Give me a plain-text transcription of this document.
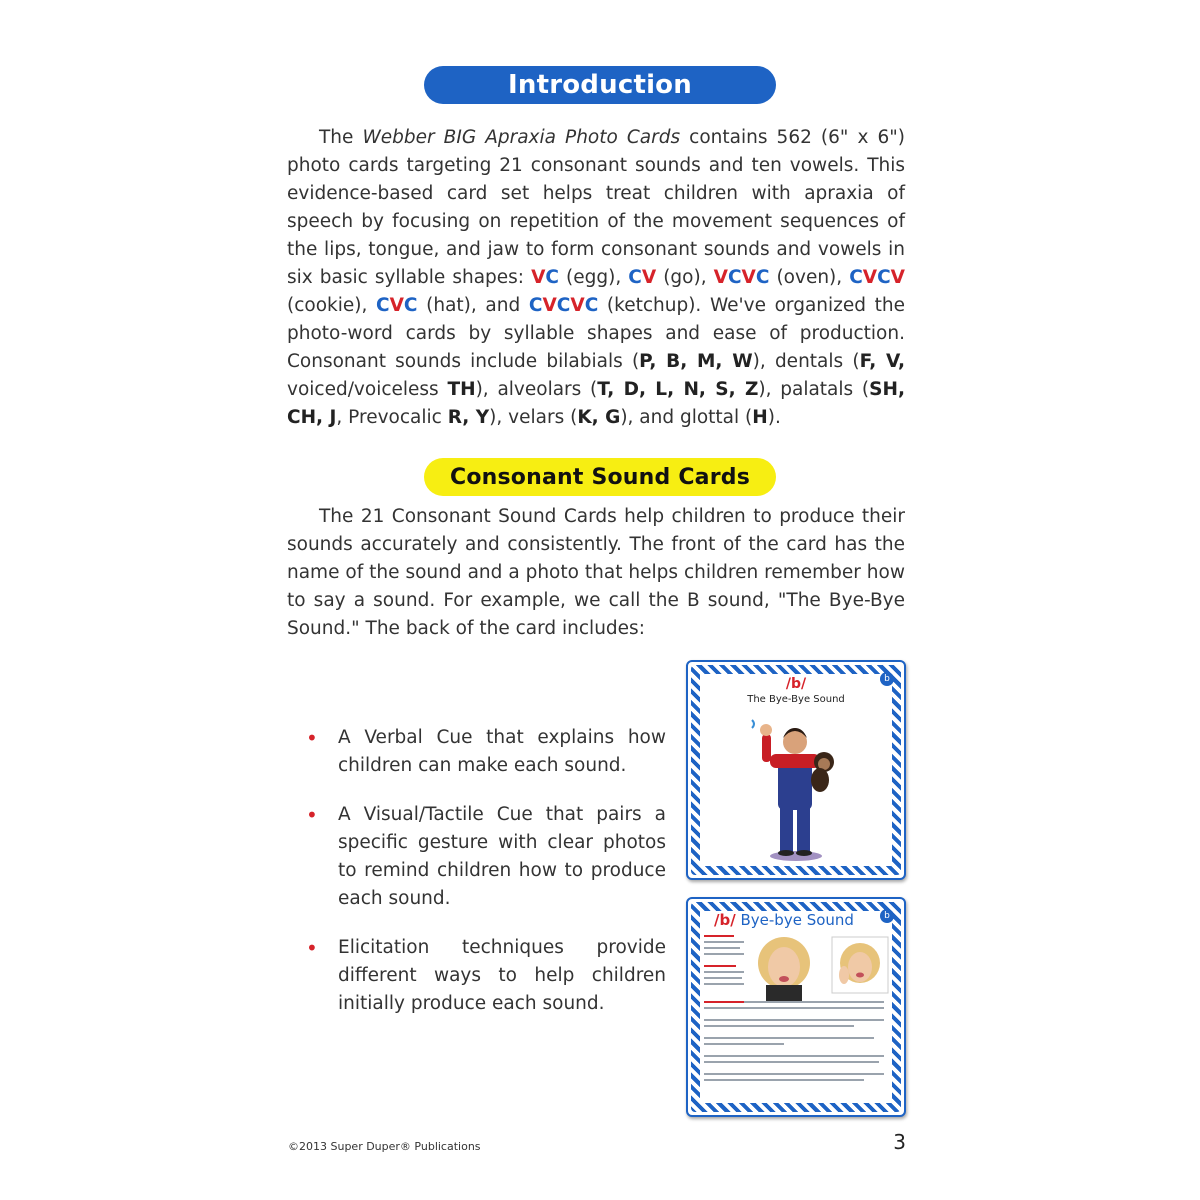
Introduction

The Webber BIG Apraxia Photo Cards contains 562 (6" x 6") photo cards targeting 21 consonant sounds and ten vowels. This evidence-based card set helps treat children with apraxia of speech by focusing on repetition of the movement sequences of the lips, tongue, and jaw to form consonant sounds and vowels in six basic syllable shapes: VC (egg), CV (go), VCVC (oven), CVCV (cookie), CVC (hat), and CVCVC (ketchup). We've organized the photo-word cards by syllable shapes and ease of production. Consonant sounds include bilabials (P, B, M, W), dentals (F, V, voiced/voiceless TH), alveolars (T, D, L, N, S, Z), palatals (SH, CH, J, Prevocalic R, Y), velars (K, G), and glottal (H).

Consonant Sound Cards

The 21 Consonant Sound Cards help children to produce their sounds accurately and consistently. The front of the card has the name of the sound and a photo that helps children remember how to say a sound. For example, we call the B sound, "The Bye-Bye Sound." The back of the card includes:

• A Verbal Cue that explains how children can make each sound.
• A Visual/Tactile Cue that pairs a specific gesture with clear photos to remind children how to produce each sound.
• Elicitation techniques provide different ways to help children initially produce each sound.
/b/
The Bye-Bye Sound
b
/b/ Bye-bye Sound	b
©2013 Super Duper® Publications	3
